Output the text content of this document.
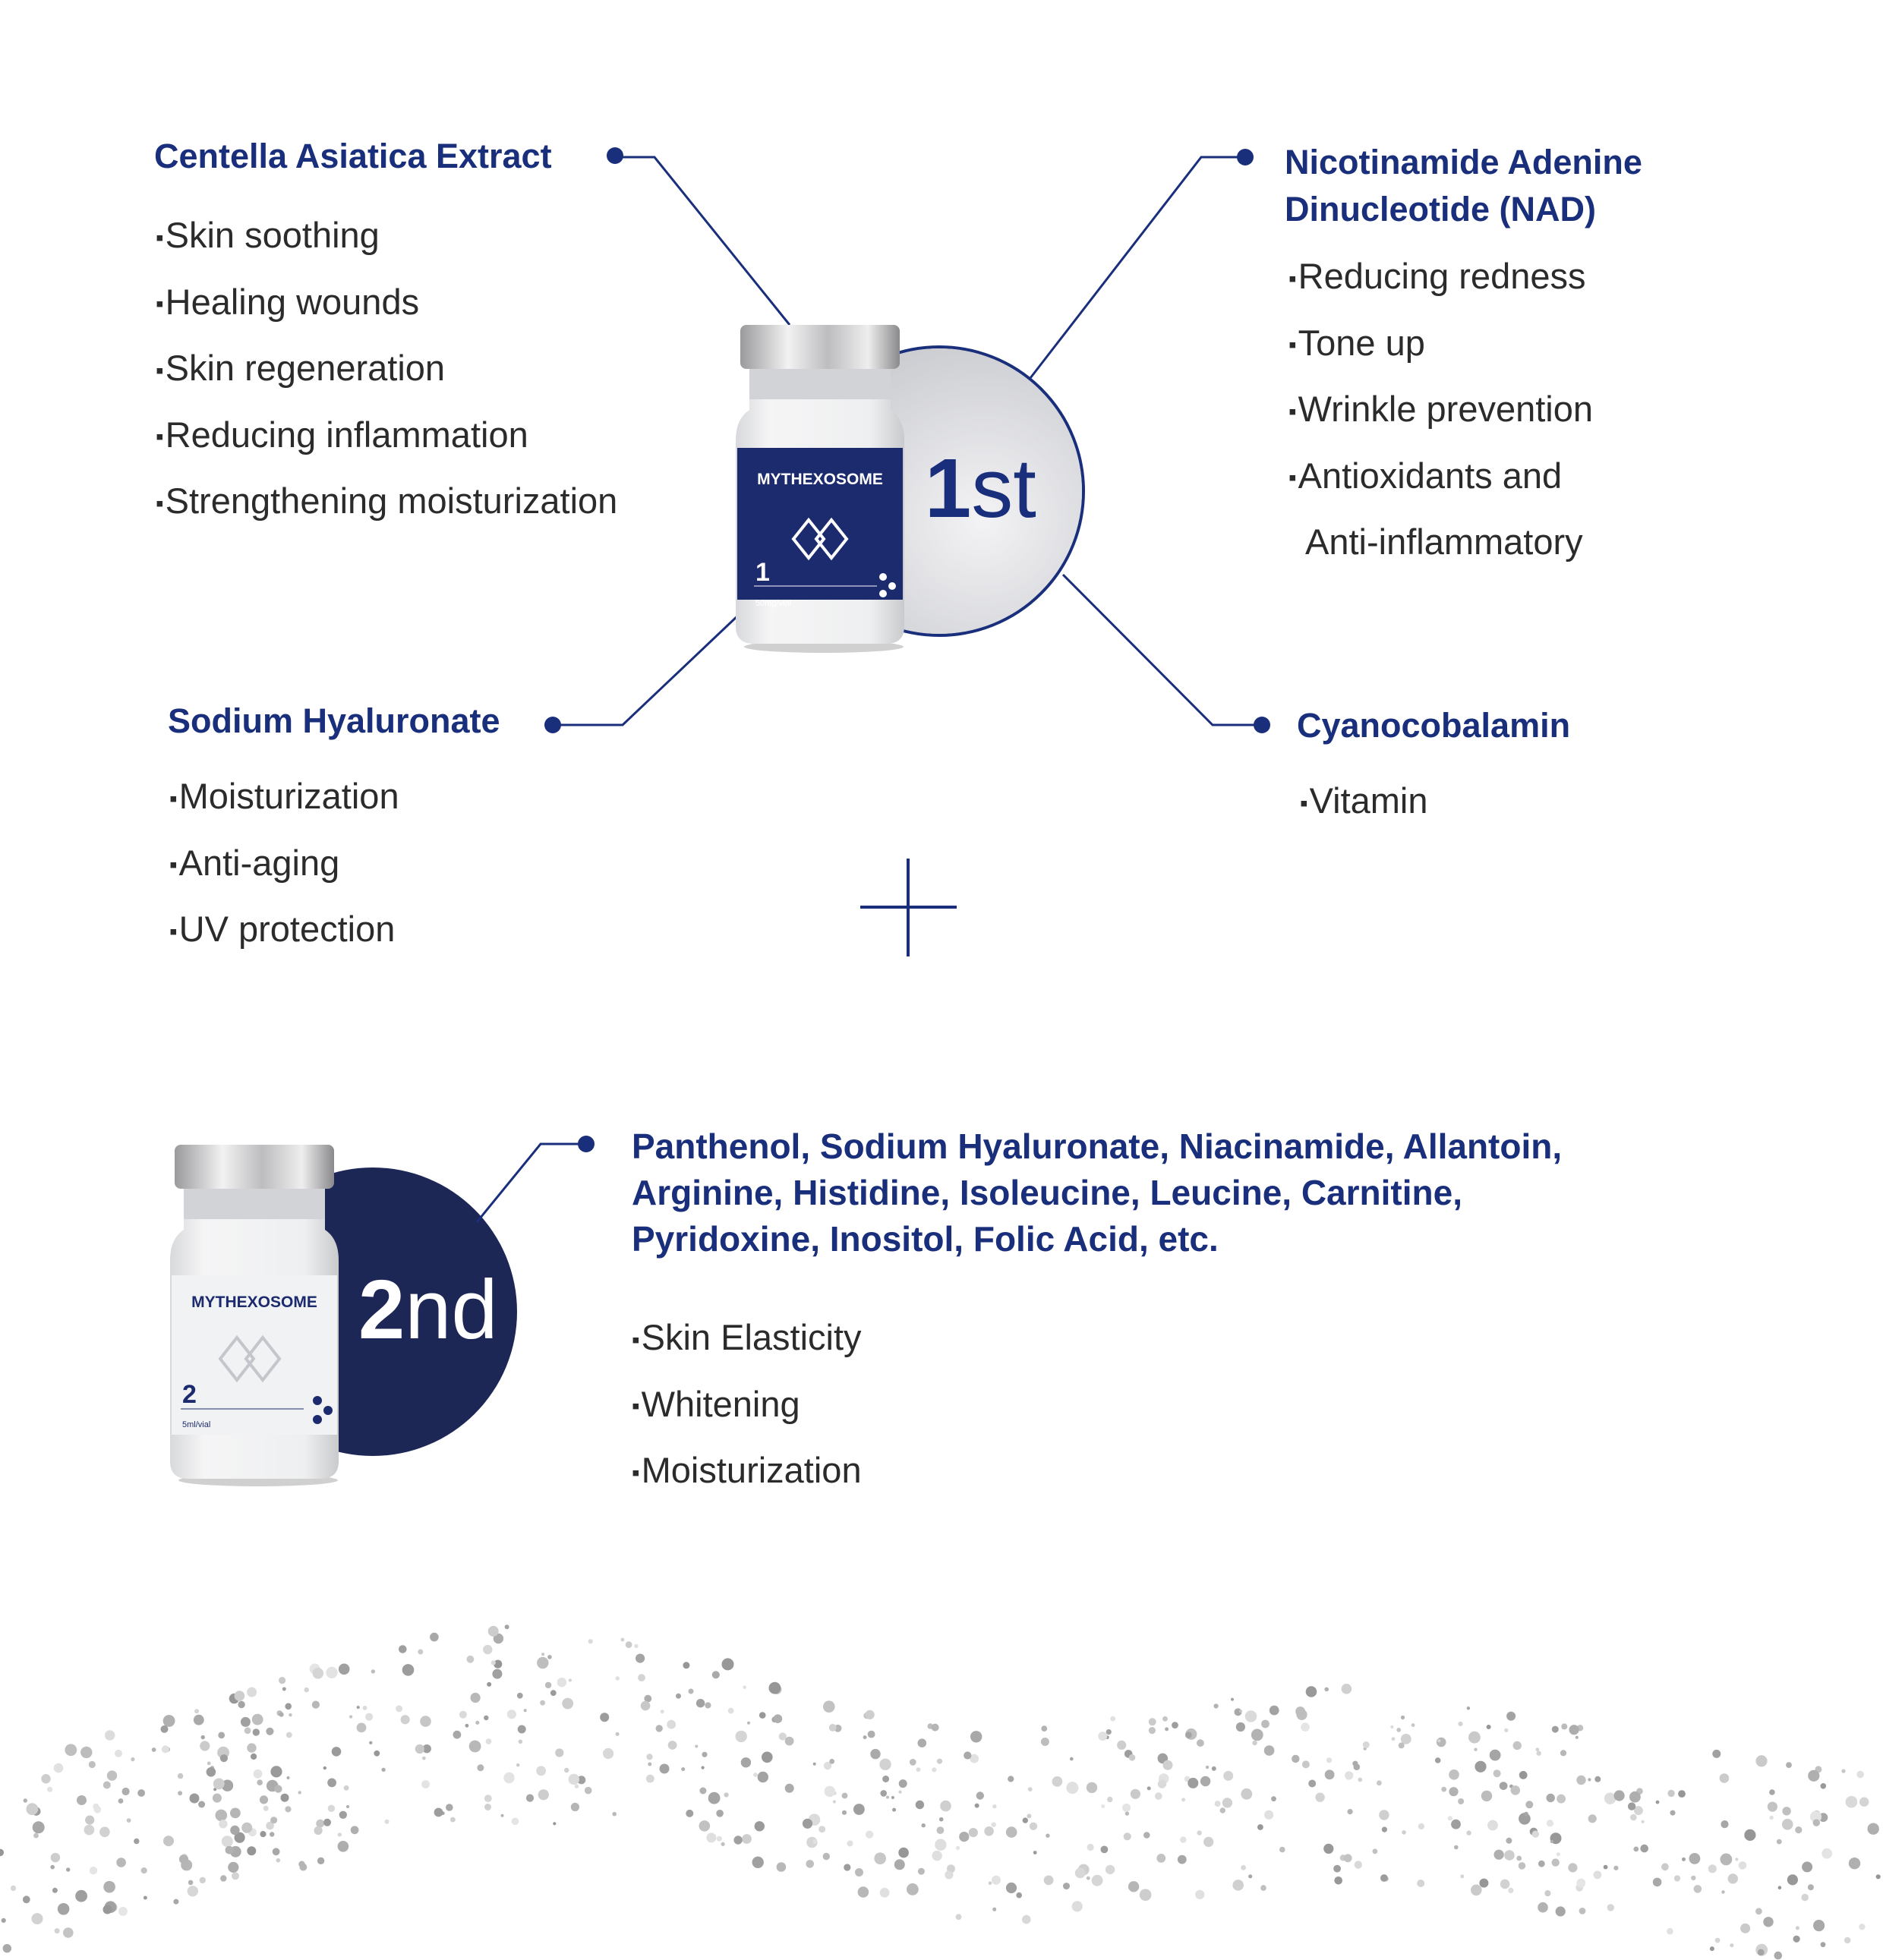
MYTHEXOSOME
1
50mg/vial
MYTHEXOSOME
2
5ml/vial
1st
2nd
Centella Asiatica Extract
▪ Skin soothing
▪ Healing wounds
▪ Skin regeneration
▪ Reducing inflammation
▪ Strengthening moisturization
Nicotinamide Adenine
Dinucleotide (NAD)
▪ Reducing redness
▪ Tone up
▪ Wrinkle prevention
▪ Antioxidants and
Anti-inflammatory
Sodium Hyaluronate
▪ Moisturization
▪ Anti-aging
▪ UV protection
Cyanocobalamin
▪ Vitamin
Panthenol, Sodium Hyaluronate, Niacinamide, Allantoin,
Arginine, Histidine, Isoleucine, Leucine, Carnitine,
Pyridoxine, Inositol, Folic Acid, etc.
▪ Skin Elasticity
▪ Whitening
▪ Moisturization
